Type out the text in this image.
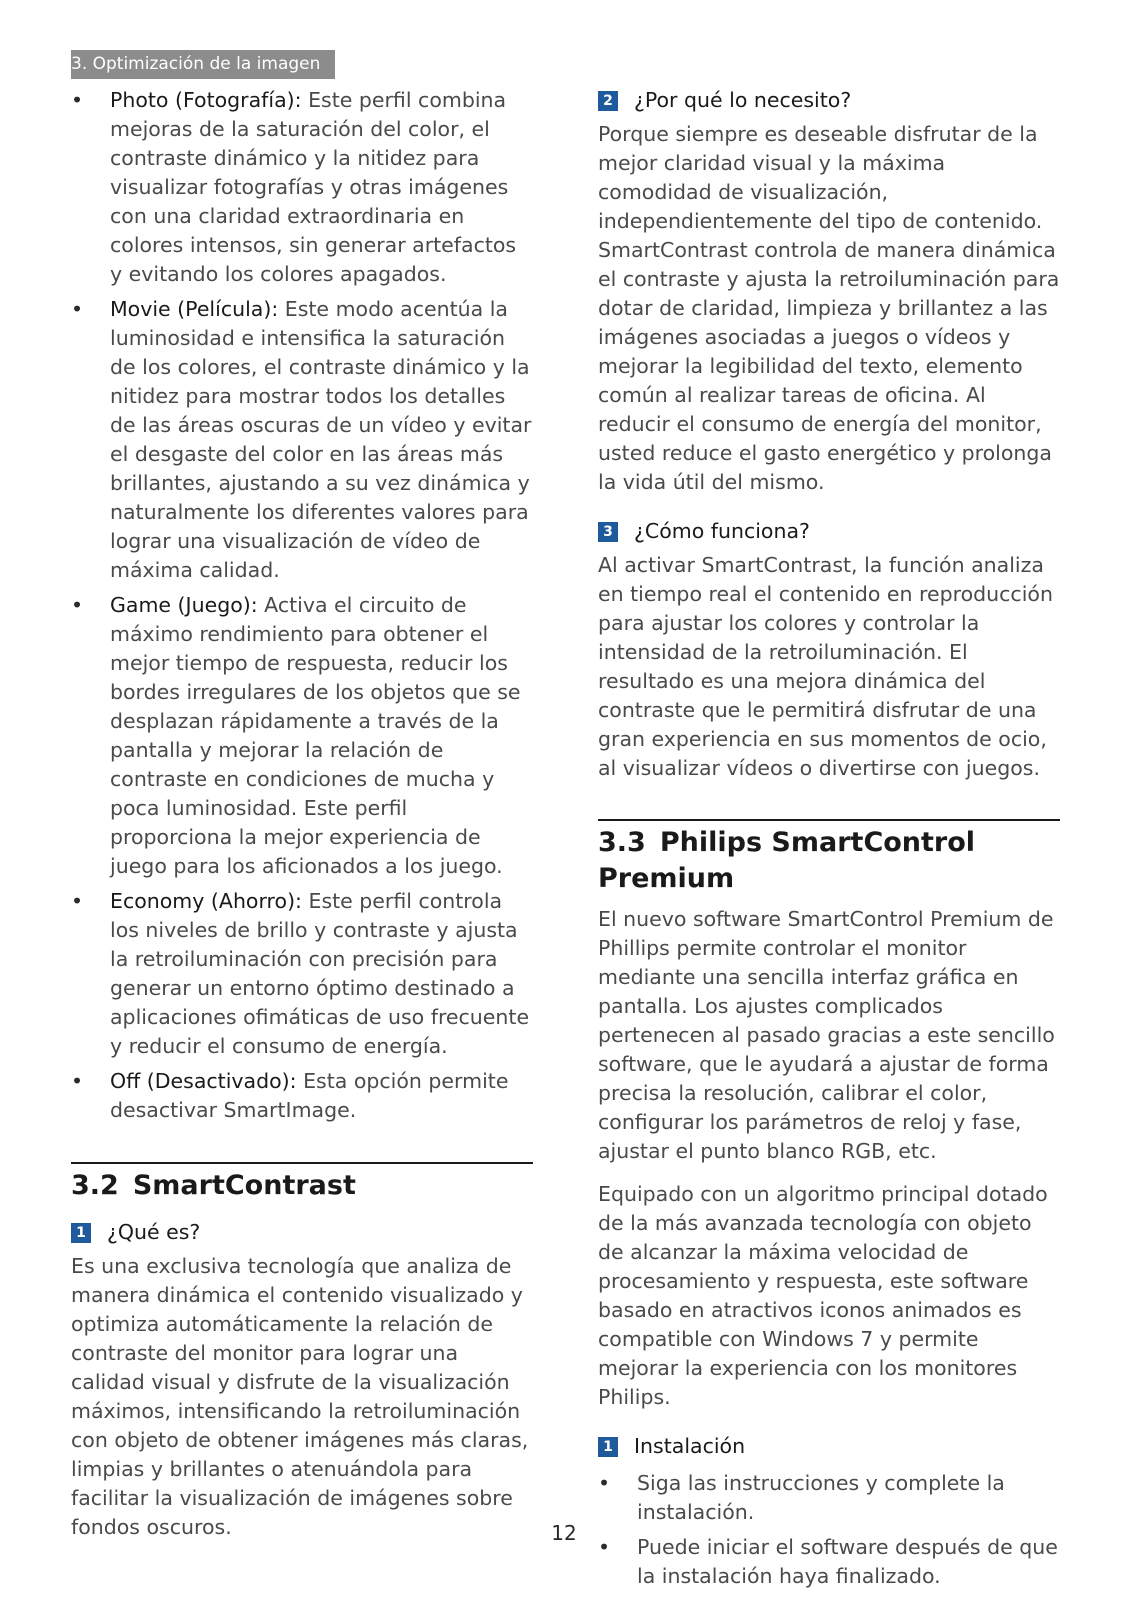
3. Optimización de la imagen
• Photo (Fotografía): Este perfil combina mejoras de la saturación del color, el contraste dinámico y la nitidez para visualizar fotografías y otras imágenes con una claridad extraordinaria en colores intensos, sin generar artefactos y evitando los colores apagados.
• Movie (Película): Este modo acentúa la luminosidad e intensifica la saturación de los colores, el contraste dinámico y la nitidez para mostrar todos los detalles de las áreas oscuras de un vídeo y evitar el desgaste del color en las áreas más brillantes, ajustando a su vez dinámica y naturalmente los diferentes valores para lograr una visualización de vídeo de máxima calidad.
• Game (Juego): Activa el circuito de máximo rendimiento para obtener el mejor tiempo de respuesta, reducir los bordes irregulares de los objetos que se desplazan rápidamente a través de la pantalla y mejorar la relación de contraste en condiciones de mucha y poca luminosidad. Este perfil proporciona la mejor experiencia de juego para los aficionados a los juego.
• Economy (Ahorro): Este perfil controla los niveles de brillo y contraste y ajusta la retroiluminación con precisión para generar un entorno óptimo destinado a aplicaciones ofimáticas de uso frecuente y reducir el consumo de energía.
• Off (Desactivado): Esta opción permite desactivar SmartImage.
3.2 SmartContrast
1 ¿Qué es?

Es una exclusiva tecnología que analiza de manera dinámica el contenido visualizado y optimiza automáticamente la relación de contraste del monitor para lograr una calidad visual y disfrute de la visualización máximos, intensificando la retroiluminación con objeto de obtener imágenes más claras, limpias y brillantes o atenuándola para facilitar la visualización de imágenes sobre fondos oscuros.

2 ¿Por qué lo necesito?

Porque siempre es deseable disfrutar de la mejor claridad visual y la máxima comodidad de visualización, independientemente del tipo de contenido. SmartContrast controla de manera dinámica el contraste y ajusta la retroiluminación para dotar de claridad, limpieza y brillantez a las imágenes asociadas a juegos o vídeos y mejorar la legibilidad del texto, elemento común al realizar tareas de oficina. Al reducir el consumo de energía del monitor, usted reduce el gasto energético y prolonga la vida útil del mismo.

3 ¿Cómo funciona?

Al activar SmartContrast, la función analiza en tiempo real el contenido en reproducción para ajustar los colores y controlar la intensidad de la retroiluminación. El resultado es una mejora dinámica del contraste que le permitirá disfrutar de una gran experiencia en sus momentos de ocio, al visualizar vídeos o divertirse con juegos.

3.3 Philips SmartControl Premium

El nuevo software SmartControl Premium de Phillips permite controlar el monitor mediante una sencilla interfaz gráfica en pantalla. Los ajustes complicados pertenecen al pasado gracias a este sencillo software, que le ayudará a ajustar de forma precisa la resolución, calibrar el color, configurar los parámetros de reloj y fase, ajustar el punto blanco RGB, etc.

Equipado con un algoritmo principal dotado de la más avanzada tecnología con objeto de alcanzar la máxima velocidad de procesamiento y respuesta, este software basado en atractivos iconos animados es compatible con Windows 7 y permite mejorar la experiencia con los monitores Philips.

1 Instalación
• Siga las instrucciones y complete la instalación.
• Puede iniciar el software después de que la instalación haya finalizado.
12
